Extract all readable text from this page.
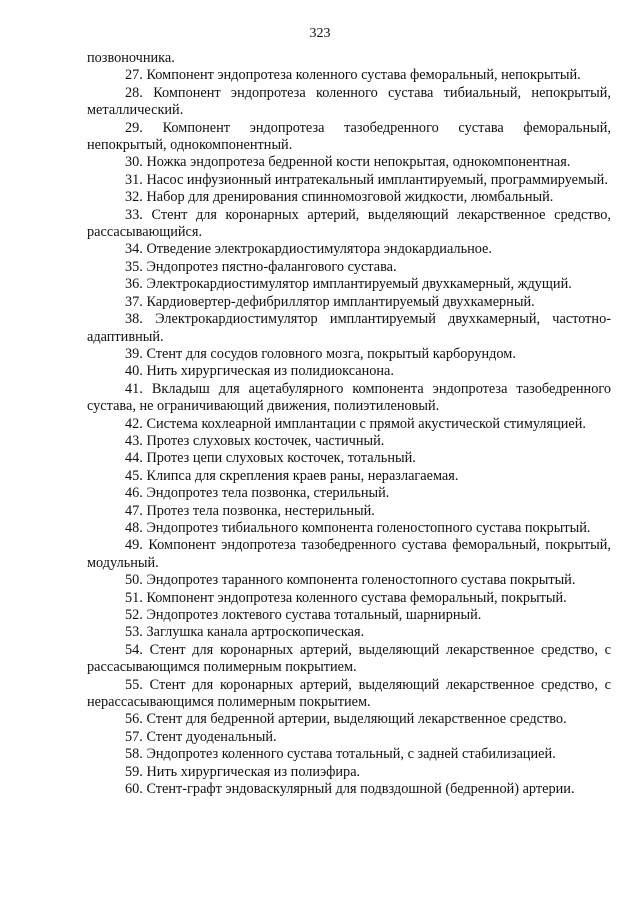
323

позвоночника.

27. Компонент эндопротеза коленного сустава феморальный, непокрытый.

28. Компонент эндопротеза коленного сустава тибиальный, непокрытый, металлический.

29. Компонент эндопротеза тазобедренного сустава феморальный, непокрытый, однокомпонентный.

30. Ножка эндопротеза бедренной кости непокрытая, однокомпонентная.

31. Насос инфузионный интратекальный имплантируемый, программируемый.

32. Набор для дренирования спинномозговой жидкости, люмбальный.

33. Стент для коронарных артерий, выделяющий лекарственное средство, рассасывающийся.

34. Отведение электрокардиостимулятора эндокардиальное.

35. Эндопротез пястно-фалангового сустава.

36. Электрокардиостимулятор имплантируемый двухкамерный, ждущий.

37. Кардиовертер-дефибриллятор имплантируемый двухкамерный.

38. Электрокардиостимулятор имплантируемый двухкамерный, частотно-адаптивный.

39. Стент для сосудов головного мозга, покрытый карборундом.

40. Нить хирургическая из полидиоксанона.

41. Вкладыш для ацетабулярного компонента эндопротеза тазобедренного сустава, не ограничивающий движения, полиэтиленовый.

42. Система кохлеарной имплантации с прямой акустической стимуляцией.

43. Протез слуховых косточек, частичный.

44. Протез цепи слуховых косточек, тотальный.

45. Клипса для скрепления краев раны, неразлагаемая.

46. Эндопротез тела позвонка, стерильный.

47. Протез тела позвонка, нестерильный.

48. Эндопротез тибиального компонента голеностопного сустава покрытый.

49. Компонент эндопротеза тазобедренного сустава феморальный, покрытый, модульный.

50. Эндопротез таранного компонента голеностопного сустава покрытый.

51. Компонент эндопротеза коленного сустава феморальный, покрытый.

52. Эндопротез локтевого сустава тотальный, шарнирный.

53. Заглушка канала артроскопическая.

54. Стент для коронарных артерий, выделяющий лекарственное средство, с рассасывающимся полимерным покрытием.

55. Стент для коронарных артерий, выделяющий лекарственное средство, с нерассасывающимся полимерным покрытием.

56. Стент для бедренной артерии, выделяющий лекарственное средство.

57. Стент дуоденальный.

58. Эндопротез коленного сустава тотальный, с задней стабилизацией.

59. Нить хирургическая из полиэфира.

60. Стент-графт эндоваскулярный для подвздошной (бедренной) артерии.
